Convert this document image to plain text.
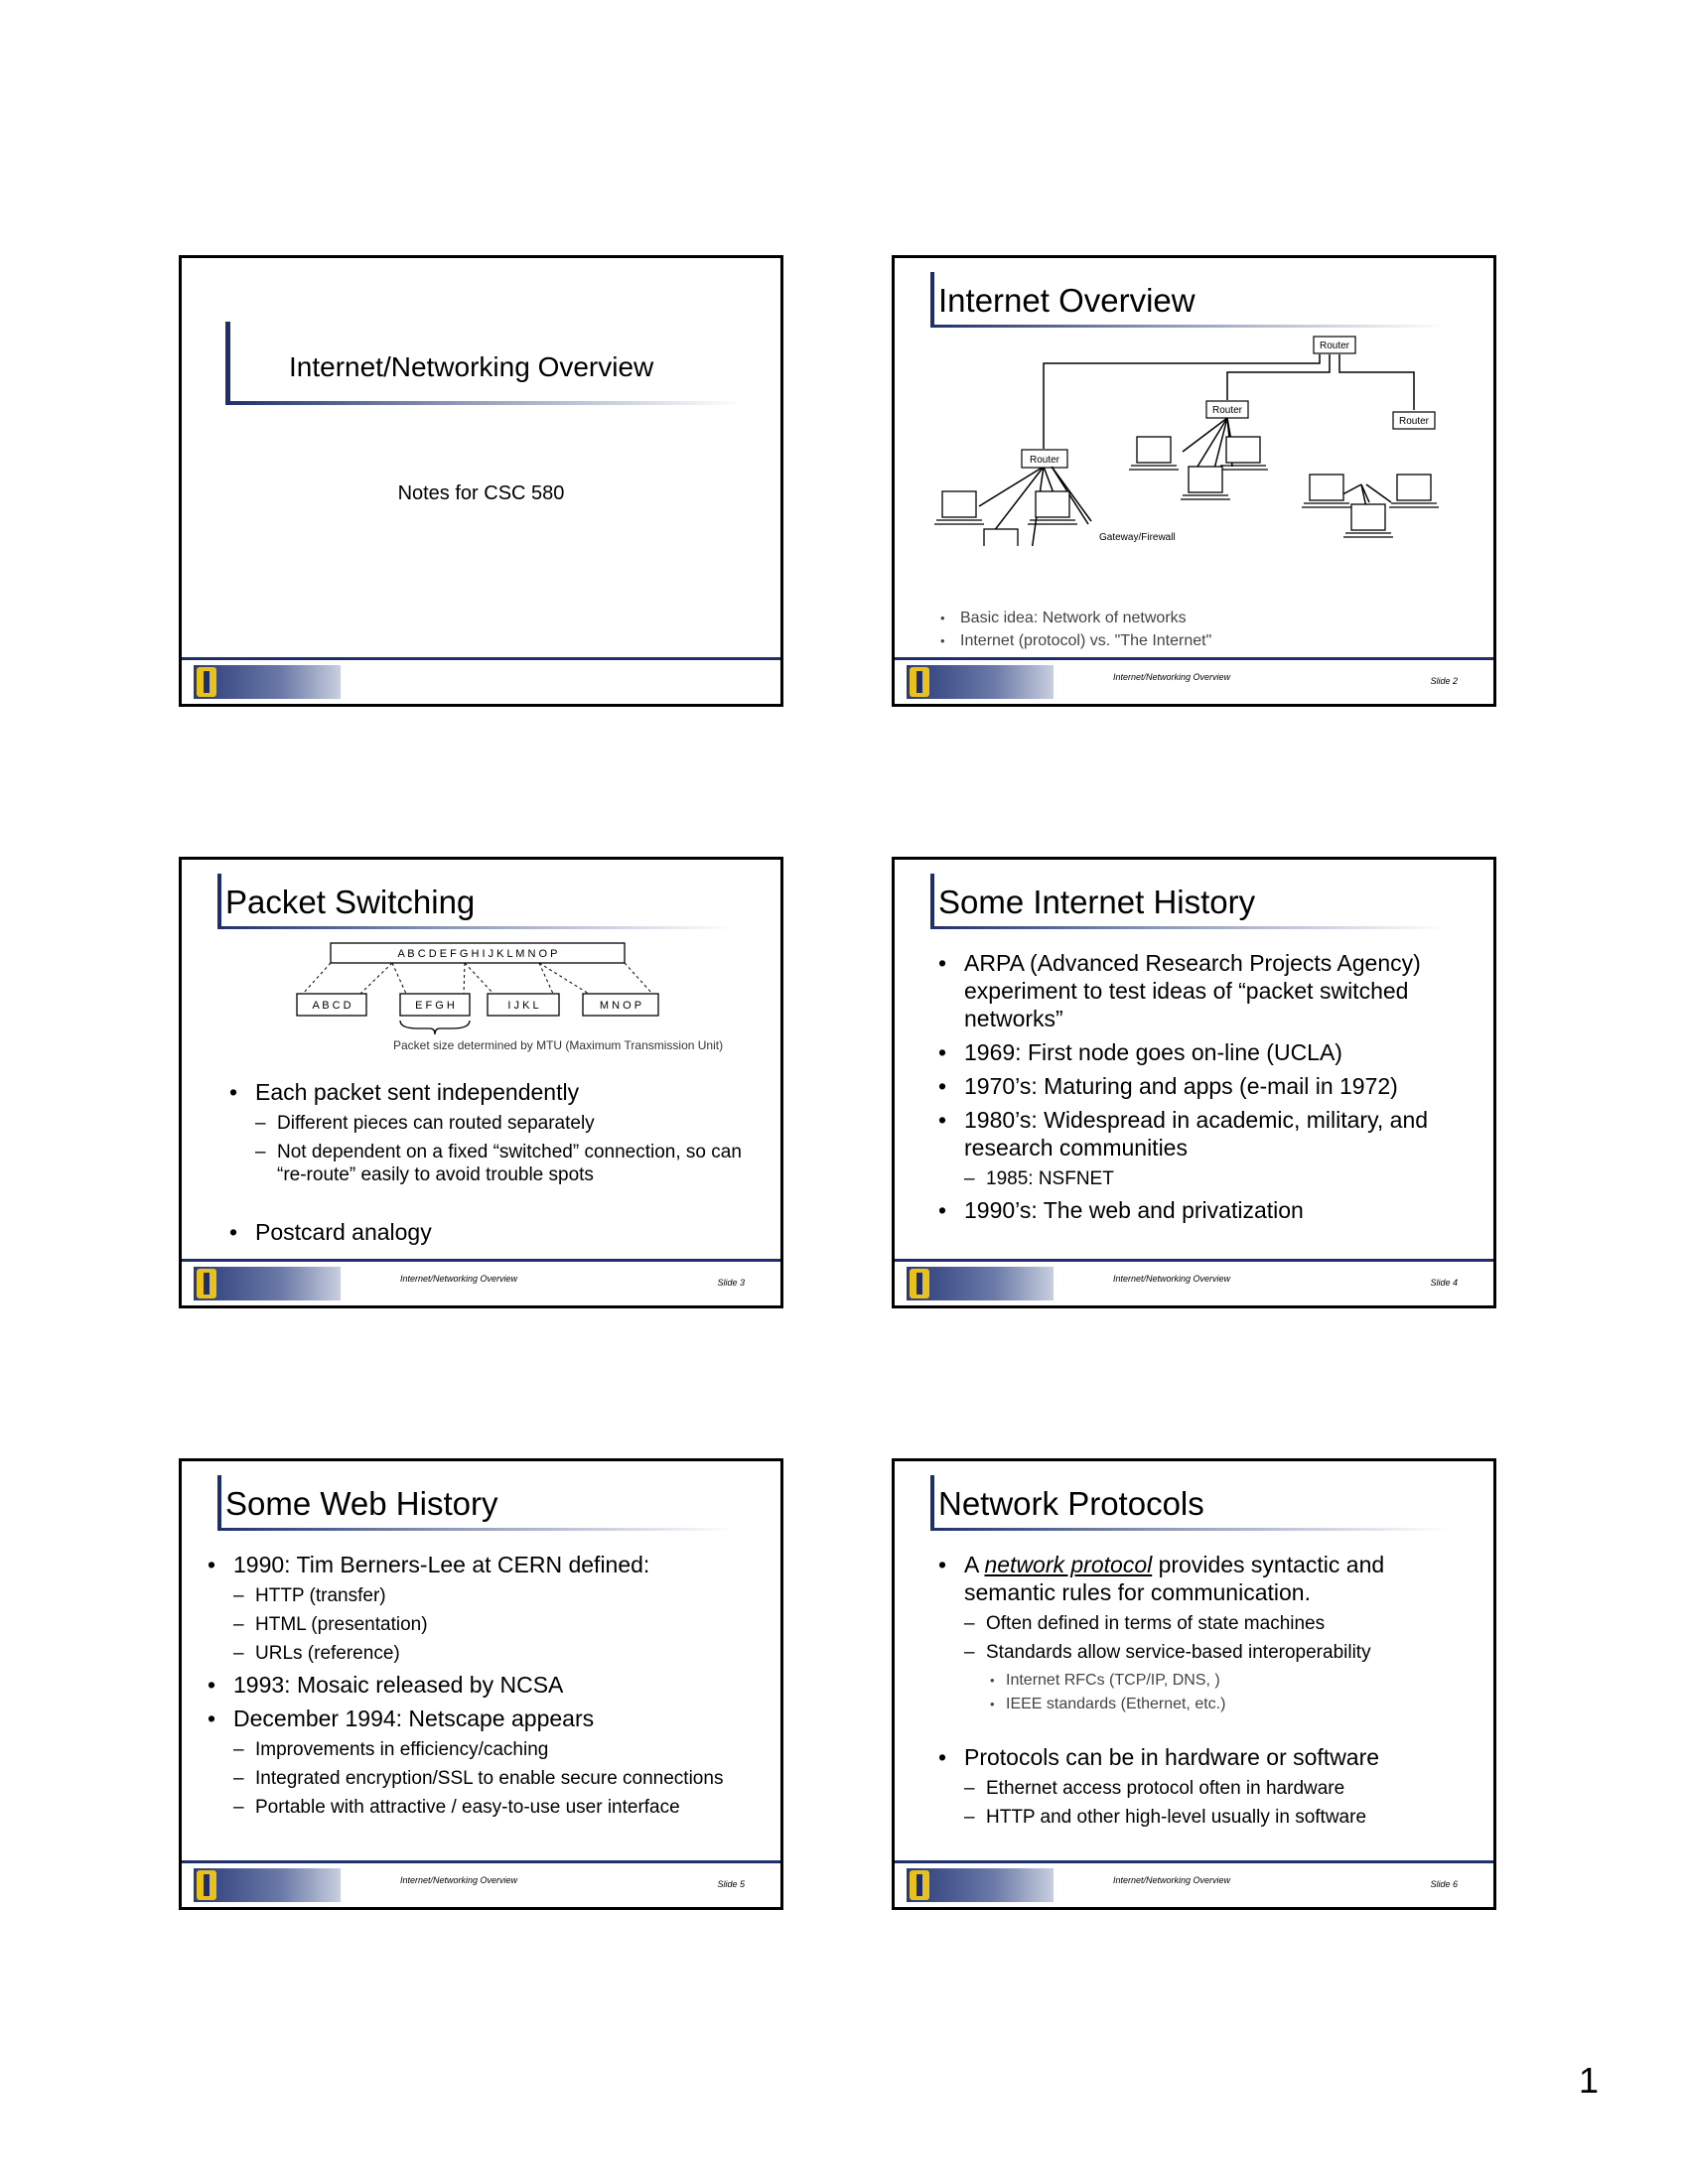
Internet/Networking Overview
Notes for CSC 580
Internet Overview
Router
Router
Router
Router
Gateway/Firewall
• Basic idea: Network of networks
• Internet (protocol) vs. "The Internet"
Internet/Networking Overview	Slide 2
Packet Switching
A B C D E F G H I J K L M N O P
A B C D	E F G H	I J K L	M N O P
Packet size determined by MTU (Maximum Transmission Unit)
• Each packet sent independently
– Different pieces can routed separately
– Not dependent on a fixed “switched” connection, so can “re-route” easily to avoid trouble spots
• Postcard analogy
Internet/Networking Overview	Slide 3
Some Internet History
• ARPA (Advanced Research Projects Agency) experiment to test ideas of “packet switched networks”
• 1969: First node goes on-line (UCLA)
• 1970’s: Maturing and apps (e-mail in 1972)
• 1980’s: Widespread in academic, military, and research communities
– 1985: NSFNET
• 1990’s: The web and privatization
Internet/Networking Overview	Slide 4
Some Web History
• 1990: Tim Berners-Lee at CERN defined:
– HTTP (transfer)
– HTML (presentation)
– URLs (reference)
• 1993: Mosaic released by NCSA
• December 1994: Netscape appears
– Improvements in efficiency/caching
– Integrated encryption/SSL to enable secure connections
– Portable with attractive / easy-to-use user interface
Internet/Networking Overview	Slide 5
Network Protocols
• A network protocol provides syntactic and semantic rules for communication.
– Often defined in terms of state machines
– Standards allow service-based interoperability
• Internet RFCs (TCP/IP, DNS, )
• IEEE standards (Ethernet, etc.)
• Protocols can be in hardware or software
– Ethernet access protocol often in hardware
– HTTP and other high-level usually in software
Internet/Networking Overview	Slide 6
1
